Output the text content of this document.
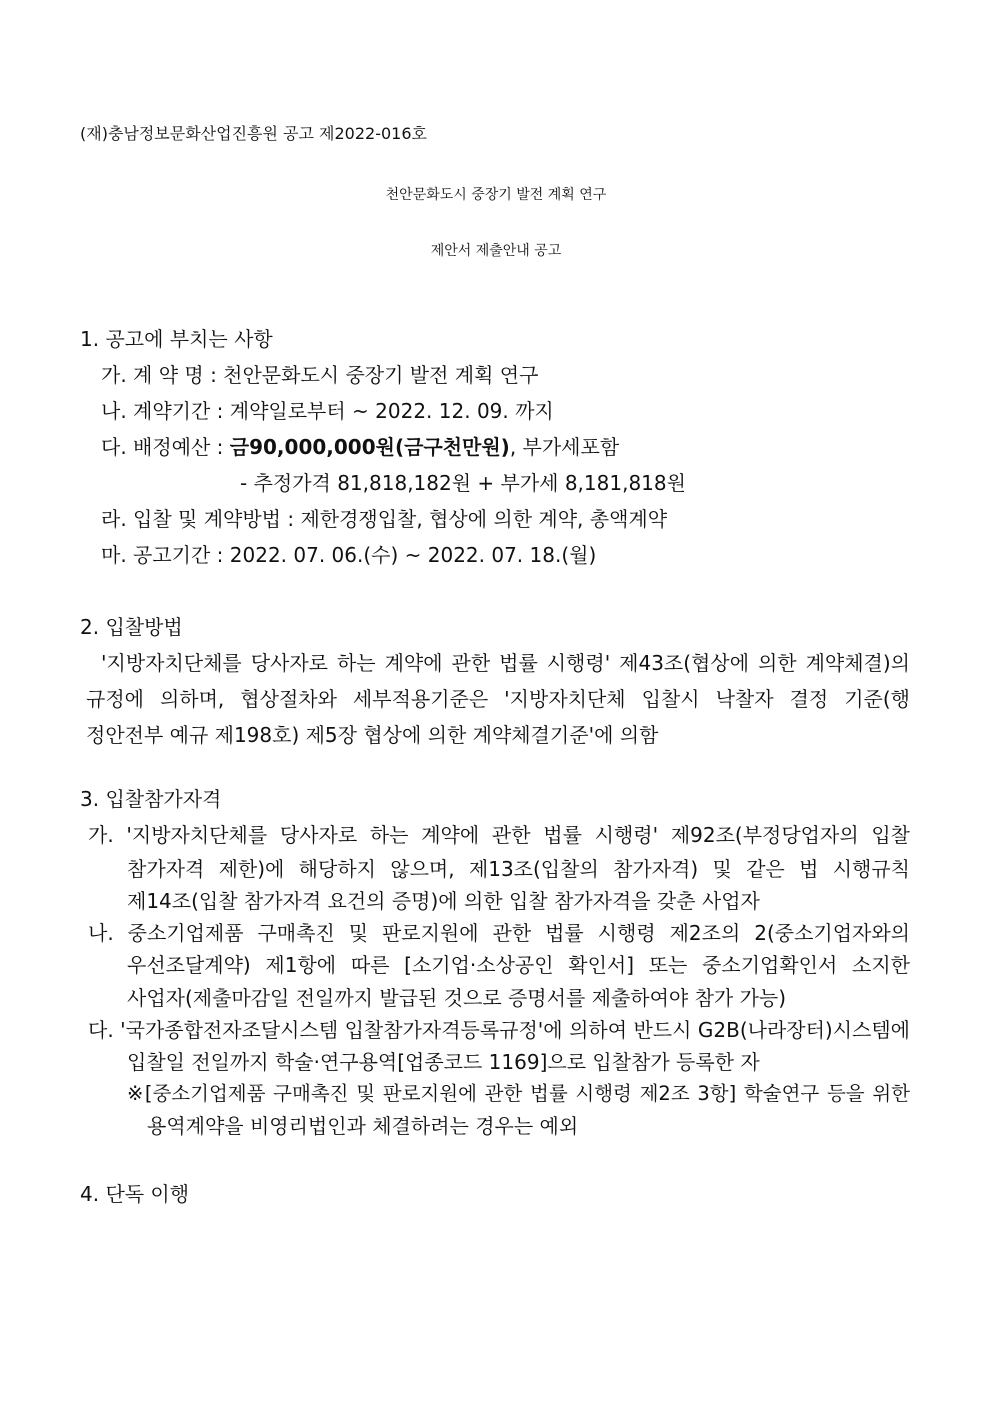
(재)충남정보문화산업진흥원 공고 제2022-016호
천안문화도시 중장기 발전 계획 연구
제안서 제출안내 공고
1. 공고에 부치는 사항
가. 계 약 명 : 천안문화도시 중장기 발전 계획 연구
나. 계약기간 : 계약일로부터 ~ 2022. 12. 09. 까지
다. 배정예산 : 금90,000,000원(금구천만원), 부가세포함
- 추정가격 81,818,182원 + 부가세 8,181,818원
라. 입찰 및 계약방법 : 제한경쟁입찰, 협상에 의한 계약, 총액계약
마. 공고기간 : 2022. 07. 06.(수) ~ 2022. 07. 18.(월)
2. 입찰방법
'지방자치단체를 당사자로 하는 계약에 관한 법률 시행령' 제43조(협상에 의한 계약체결)의
규정에 의하며, 협상절차와 세부적용기준은 '지방자치단체 입찰시 낙찰자 결정 기준(행
정안전부 예규 제198호) 제5장 협상에 의한 계약체결기준'에 의함
3. 입찰참가자격
가. '지방자치단체를 당사자로 하는 계약에 관한 법률 시행령' 제92조(부정당업자의 입찰
참가자격 제한)에 해당하지 않으며, 제13조(입찰의 참가자격) 및 같은 법 시행규칙
제14조(입찰 참가자격 요건의 증명)에 의한 입찰 참가자격을 갖춘 사업자
나. 중소기업제품 구매촉진 및 판로지원에 관한 법률 시행령 제2조의 2(중소기업자와의
우선조달계약) 제1항에 따른 [소기업·소상공인 확인서] 또는 중소기업확인서 소지한
사업자(제출마감일 전일까지 발급된 것으로 증명서를 제출하여야 참가 가능)
다. '국가종합전자조달시스템 입찰참가자격등록규정'에 의하여 반드시 G2B(나라장터)시스템에
입찰일 전일까지 학술·연구용역[업종코드 1169]으로 입찰참가 등록한 자
※[중소기업제품 구매촉진 및 판로지원에 관한 법률 시행령 제2조 3항] 학술연구 등을 위한
용역계약을 비영리법인과 체결하려는 경우는 예외
4. 단독 이행
